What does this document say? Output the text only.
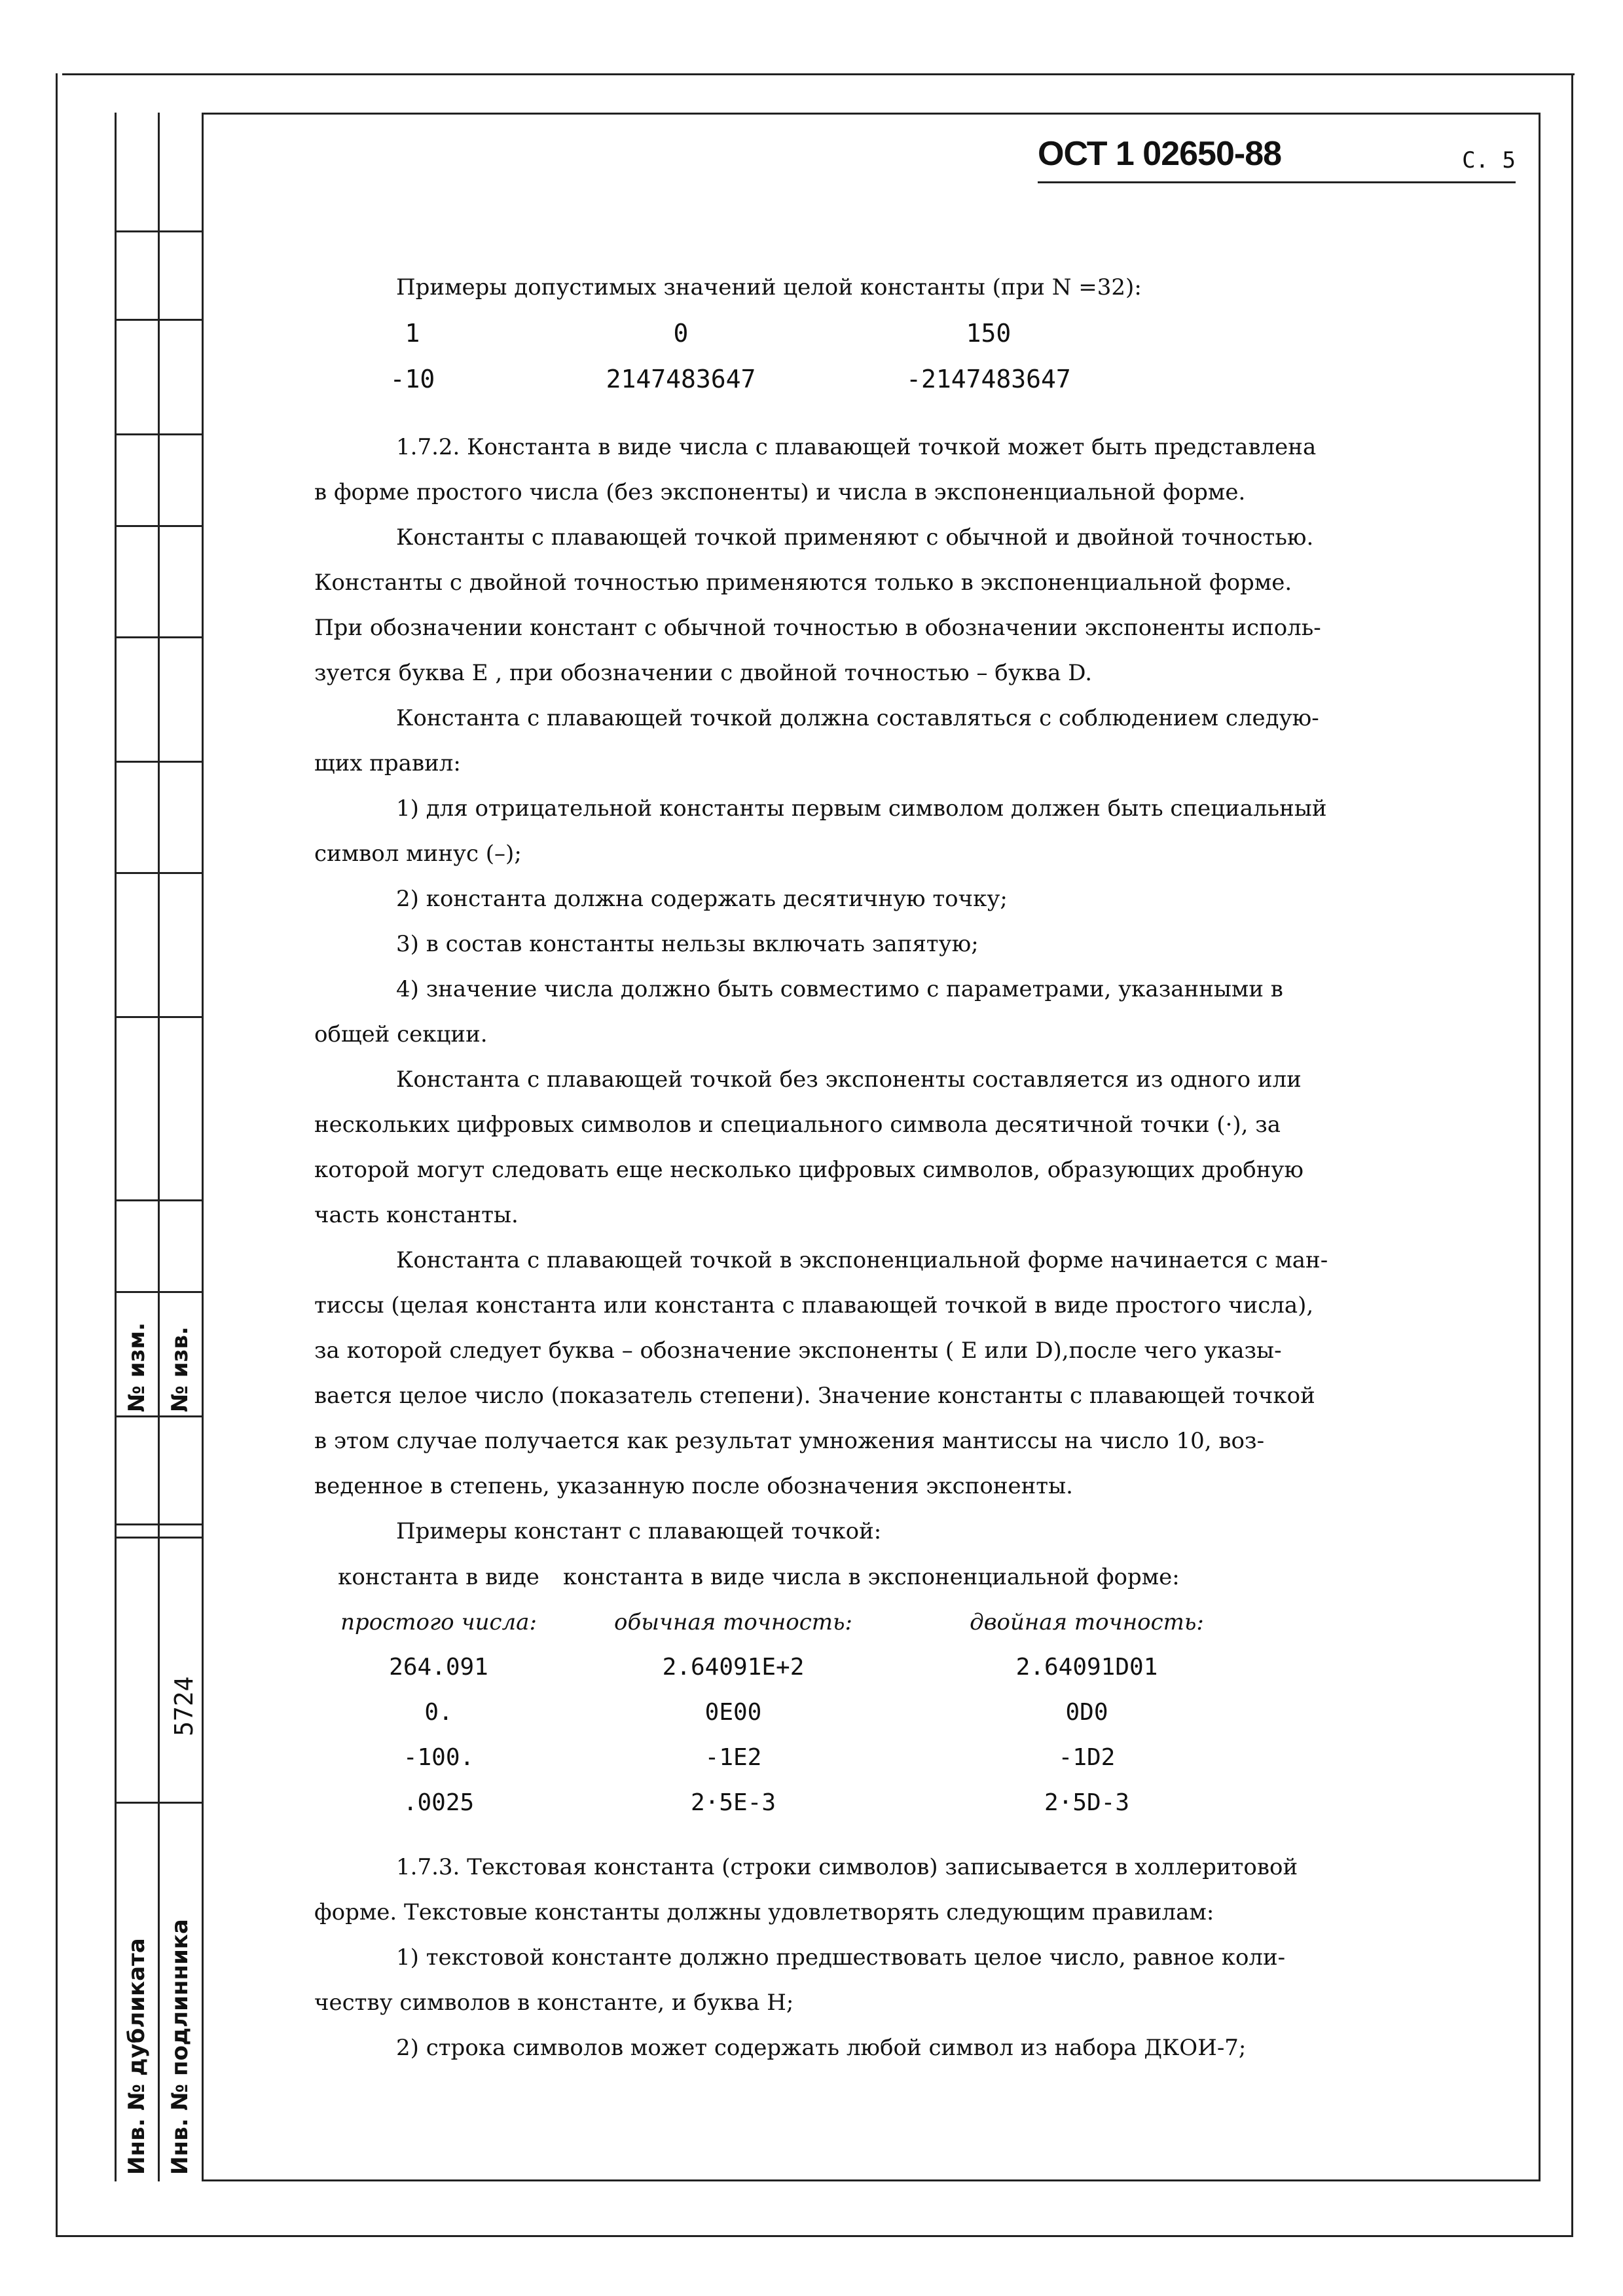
№ изм. № изв.
5724
Инв. № дубликата Инв. № подлинника
ОСТ 1 02650-88	С. 5

Примеры допустимых значений целой константы (при N =32):

1	0	150
-10	2147483647	-2147483647

1.7.2. Константа в виде числа с плавающей точкой может быть представлена

в форме простого числа (без экспоненты) и числа в экспоненциальной форме.

Константы с плавающей точкой применяют с обычной и двойной точностью.

Константы с двойной точностью применяются только в экспоненциальной форме.

При обозначении констант с обычной точностью в обозначении экспоненты исполь-

зуется буква E , при обозначении с двойной точностью – буква D.

Константа с плавающей точкой должна составляться с соблюдением следую-

щих правил:

1) для отрицательной константы первым символом должен быть специальный

символ минус (–);

2) константа должна содержать десятичную точку;

3) в состав константы нельзы включать запятую;

4) значение числа должно быть совместимо с параметрами, указанными в

общей секции.

Константа с плавающей точкой без экспоненты составляется из одного или

нескольких цифровых символов и специального символа десятичной точки (·), за

которой могут следовать еще несколько цифровых символов, образующих дробную

часть константы.

Константа с плавающей точкой в экспоненциальной форме начинается с ман-

тиссы (целая константа или константа с плавающей точкой в виде простого числа),

за которой следует буква – обозначение экспоненты ( E или D),после чего указы-

вается целое число (показатель степени). Значение константы с плавающей точкой

в этом случае получается как результат умножения мантиссы на число 10, воз-

веденное в степень, указанную после обозначения экспоненты.

Примеры констант с плавающей точкой:

константа в виде	константа в виде числа в экспоненциальной форме:
простого числа:	обычная точность:	двойная точность:
264.091	2.64091E+2	2.64091D01
0.	0E00	0D0
-100.	-1E2	-1D2
.0025	2·5E-3	2·5D-3

1.7.3. Текстовая константа (строки символов) записывается в холлеритовой

форме. Текстовые константы должны удовлетворять следующим правилам:

1) текстовой константе должно предшествовать целое число, равное коли-

честву символов в константе, и буква Н;

2) строка символов может содержать любой символ из набора ДКОИ-7;
